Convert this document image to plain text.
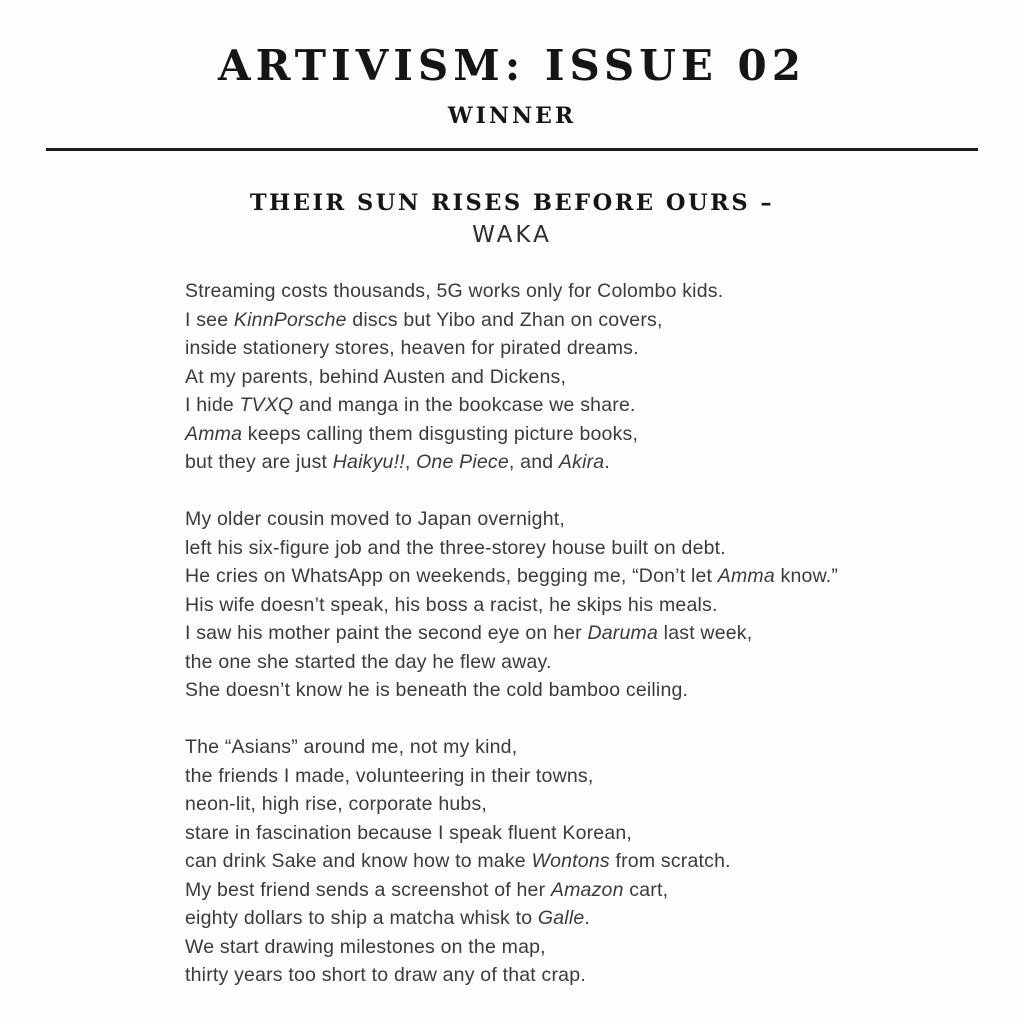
ARTIVISM: ISSUE 02
WINNER
THEIR SUN RISES BEFORE OURS –
WAKA
Streaming costs thousands, 5G works only for Colombo kids.
I see KinnPorsche discs but Yibo and Zhan on covers,
inside stationery stores, heaven for pirated dreams.
At my parents, behind Austen and Dickens,
I hide TVXQ and manga in the bookcase we share.
Amma keeps calling them disgusting picture books,
but they are just Haikyu!!, One Piece, and Akira.
My older cousin moved to Japan overnight,
left his six-figure job and the three-storey house built on debt.
He cries on WhatsApp on weekends, begging me, “Don’t let Amma know.”
His wife doesn’t speak, his boss a racist, he skips his meals.
I saw his mother paint the second eye on her Daruma last week,
the one she started the day he flew away.
She doesn’t know he is beneath the cold bamboo ceiling.
The “Asians” around me, not my kind,
the friends I made, volunteering in their towns,
neon-lit, high rise, corporate hubs,
stare in fascination because I speak fluent Korean,
can drink Sake and know how to make Wontons from scratch.
My best friend sends a screenshot of her Amazon cart,
eighty dollars to ship a matcha whisk to Galle.
We start drawing milestones on the map,
thirty years too short to draw any of that crap.
